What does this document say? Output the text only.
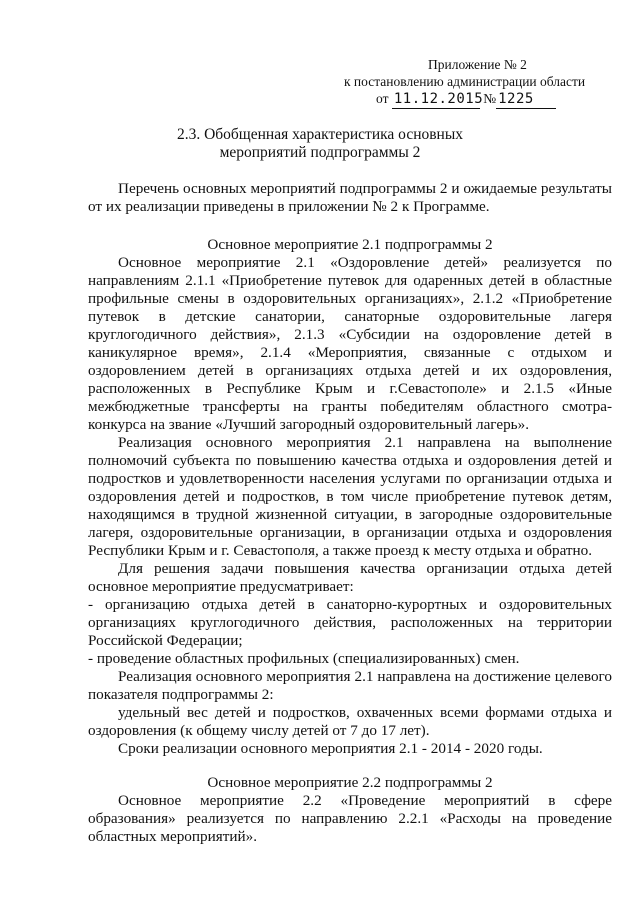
Приложение № 2
к постановлению администрации области
от 11.12.2015 № 1225
2.3. Обобщенная характеристика основных
мероприятий подпрограммы 2

Перечень основных мероприятий подпрограммы 2 и ожидаемые результаты от их реализации приведены в приложении № 2 к Программе.

Основное мероприятие 2.1 подпрограммы 2

Основное мероприятие 2.1 «Оздоровление детей» реализуется по направлениям 2.1.1 «Приобретение путевок для одаренных детей в областные профильные смены в оздоровительных организациях», 2.1.2 «Приобретение путевок в детские санатории, санаторные оздоровительные лагеря круглогодичного действия», 2.1.3 «Субсидии на оздоровление детей в каникулярное время», 2.1.4 «Мероприятия, связанные с отдыхом и оздоровлением детей в организациях отдыха детей и их оздоровления, расположенных в Республике Крым и г.Севастополе» и 2.1.5 «Иные межбюджетные трансферты на гранты победителям областного смотра-конкурса на звание «Лучший загородный оздоровительный лагерь».

Реализация основного мероприятия 2.1 направлена на выполнение полномочий субъекта по повышению качества отдыха и оздоровления детей и подростков и удовлетворенности населения услугами по организации отдыха и оздоровления детей и подростков, в том числе приобретение путевок детям, находящимся в трудной жизненной ситуации, в загородные оздоровительные лагеря, оздоровительные организации, в организации отдыха и оздоровления Республики Крым и г. Севастополя, а также проезд к месту отдыха и обратно.

Для решения задачи повышения качества организации отдыха детей основное мероприятие предусматривает:

- организацию отдыха детей в санаторно-курортных и оздоровительных организациях круглогодичного действия, расположенных на территории Российской Федерации;

- проведение областных профильных (специализированных) смен.

Реализация основного мероприятия 2.1 направлена на достижение целевого показателя подпрограммы 2:

удельный вес детей и подростков, охваченных всеми формами отдыха и оздоровления (к общему числу детей от 7 до 17 лет).

Сроки реализации основного мероприятия 2.1 - 2014 - 2020 годы.

Основное мероприятие 2.2 подпрограммы 2

Основное мероприятие 2.2 «Проведение мероприятий в сфере образования» реализуется по направлению 2.2.1 «Расходы на проведение областных мероприятий».
